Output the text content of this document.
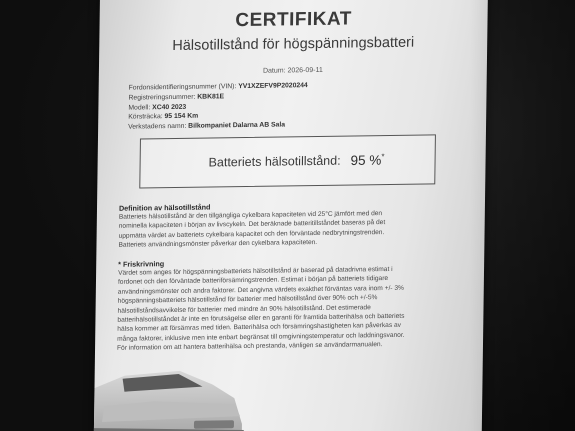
CERTIFIKAT
Hälsotillstånd för högspänningsbatteri
Datum: 2026-09-11
Fordonsidentifieringsnummer (VIN): YV1XZEFV9P2020244
Registreringsnummer: KBK81E
Modell: XC40 2023
Körsträcka: 95 154 Km
Verkstadens namn: Bilkompaniet Dalarna AB Sala
Batteriets hälsotillstånd: 95 %*
Definition av hälsotillstånd
Batteriets hälsotillstånd är den tillgängliga cykelbara kapaciteten vid 25°C jämfört med den
nominella kapaciteten i början av livscykeln. Det beräknade batteritillståndet baseras på det
uppmätta värdet av batteriets cykelbara kapacitet och den förväntade nedbrytningstrenden.
Batteriets användningsmönster påverkar den cykelbara kapaciteten.
* Friskrivning
Värdet som anges för högspänningsbatteriets hälsotillstånd är baserad på datadrivna estimat i
fordonet och den förväntade batteriförsämringstrenden. Estimat i början på batteriets tidigare
användningsmönster och andra faktorer. Det angivna värdets exakthet förväntas vara inom +/- 3%
högspänningsbatteriets hälsotillstånd för batterier med hälsotillstånd över 90% och +/-5%
hälsotillståndsavvikelse för batterier med mindre än 90% hälsotillstånd. Det estimerade
batterihälsotillståndet är inte en förutsägelse eller en garanti för framtida batterihälsa och batteriets
hälsa kommer att försämras med tiden. Batterihälsa och försämringshastigheten kan påverkas av
många faktorer, inklusive men inte enbart begränsat till omgivningstemperatur och laddningsvanor.
För information om att hantera batterihälsa och prestanda, vänligen se användarmanualen.
